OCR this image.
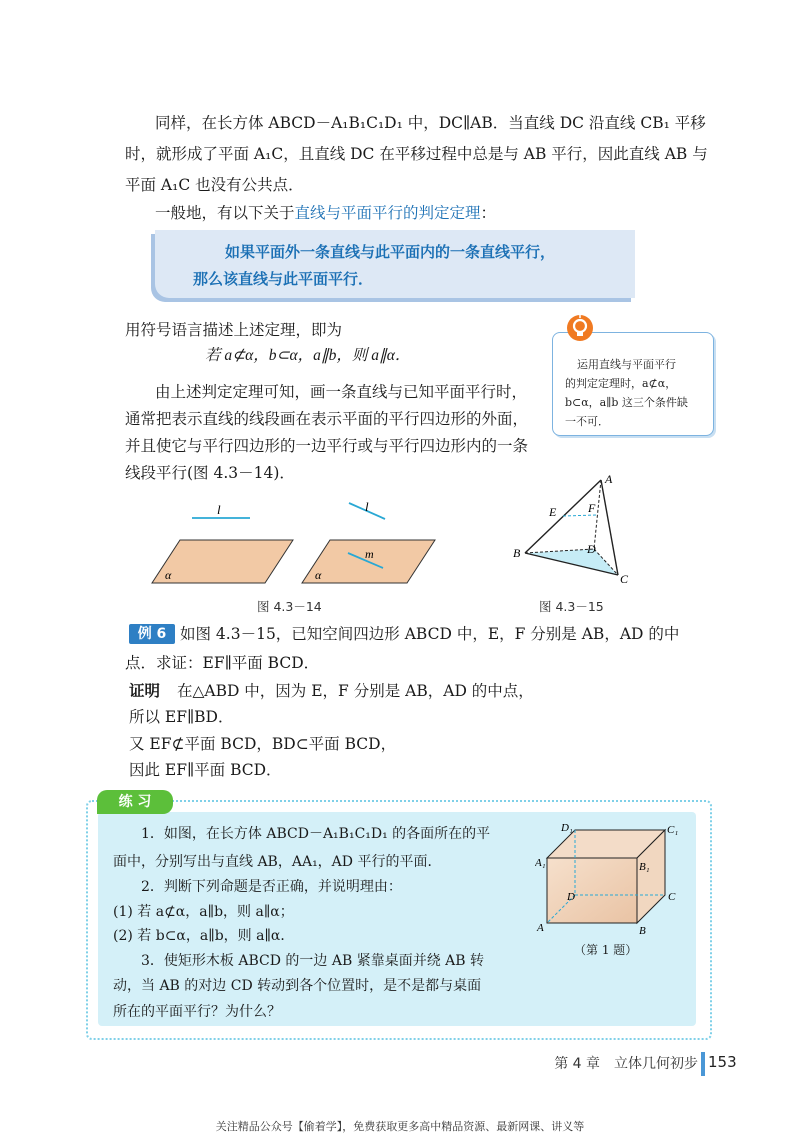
同样，在长方体 ABCD－A₁B₁C₁D₁ 中，DC∥AB．当直线 DC 沿直线 CB₁ 平移
时，就形成了平面 A₁C，且直线 DC 在平移过程中总是与 AB 平行，因此直线 AB 与
平面 A₁C 也没有公共点．
一般地，有以下关于直线与平面平行的判定定理：
如果平面外一条直线与此平面内的一条直线平行，
那么该直线与此平面平行．
用符号语言描述上述定理，即为
若 a⊄α，b⊂α，a∥b，则 a∥α．
运用直线与平面平行
的判定定理时，a⊄α，
b⊂α，a∥b 这三个条件缺
一不可．
由上述判定定理可知，画一条直线与已知平面平行时，
通常把表示直线的线段画在表示平面的平行四边形的外面，
并且使它与平行四边形的一边平行或与平行四边形内的一条
线段平行(图 4.3－14)．
l
α
l
m
α
图 4.3－14
A
B
C
D
E	F
图 4.3－15
例 6 如图 4.3－15，已知空间四边形 ABCD 中，E，F 分别是 AB，AD 的中
点．求证：EF∥平面 BCD．
证明 在△ABD 中，因为 E，F 分别是 AB，AD 的中点，
所以 EF∥BD．
又 EF⊄平面 BCD，BD⊂平面 BCD，
因此 EF∥平面 BCD．
练 习
1．如图，在长方体 ABCD－A₁B₁C₁D₁ 的各面所在的平
面中，分别写出与直线 AB，AA₁，AD 平行的平面．
2．判断下列命题是否正确，并说明理由：
(1) 若 a⊄α，a∥b，则 a∥α；
(2) 若 b⊂α，a∥b，则 a∥α．
3．使矩形木板 ABCD 的一边 AB 紧靠桌面并绕 AB 转
动，当 AB 的对边 CD 转动到各个位置时，是不是都与桌面
所在的平面平行？为什么？
D₁	C₁
A₁	B₁
D	C
A	B
（第 1 题）
第 4 章　立体几何初步 153
关注精品公众号【偷着学】，免费获取更多高中精品资源、最新网课、讲义等
